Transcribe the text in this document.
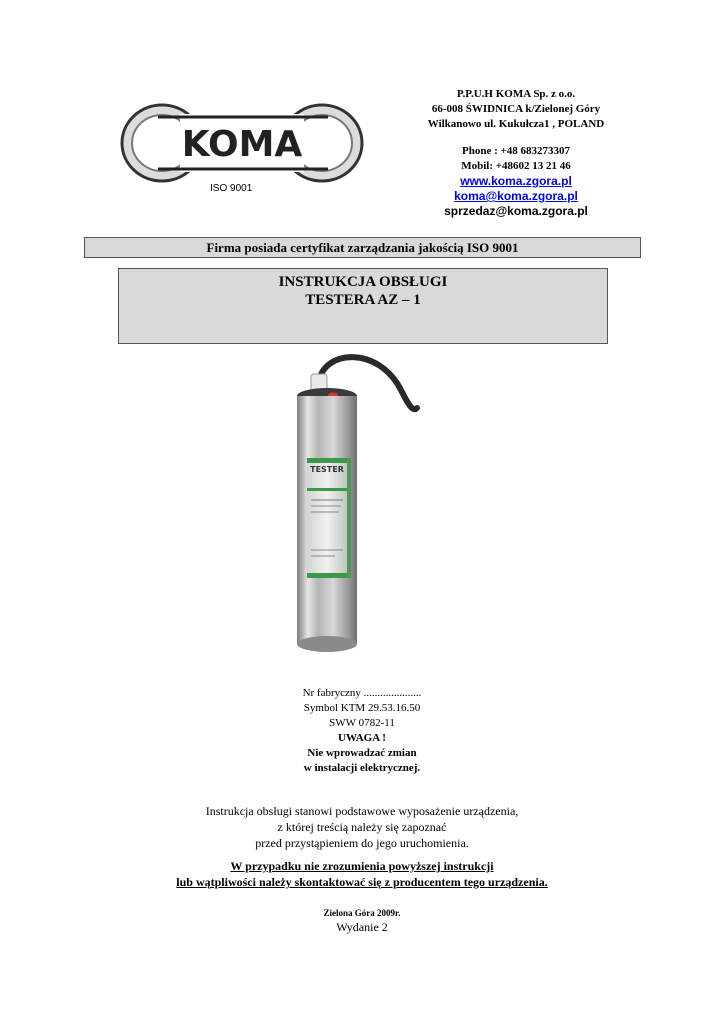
KOMA
ISO 9001
P.P.U.H KOMA Sp. z o.o.
66-008 ŚWIDNICA k/Zielonej Góry
Wilkanowo ul. Kukułcza1 , POLAND
Phone : +48 683273307
Mobil: +48602 13 21 46
www.koma.zgora.pl
koma@koma.zgora.pl
sprzedaz@koma.zgora.pl
Firma posiada certyfikat zarządzania jakością ISO 9001
INSTRUKCJA OBSŁUGI
TESTERA AZ – 1
TESTER
Nr fabryczny .....................
Symbol KTM 29.53.16.50
SWW 0782-11
UWAGA !
Nie wprowadzać zmian
w instalacji elektrycznej.
Instrukcja obsługi stanowi podstawowe wyposażenie urządzenia,
z której treścią należy się zapoznać
przed przystąpieniem do jego uruchomienia.
W przypadku nie zrozumienia powyższej instrukcji
lub wątpliwości należy skontaktować się z producentem tego urządzenia.
Zielona Góra 2009r.
Wydanie 2
